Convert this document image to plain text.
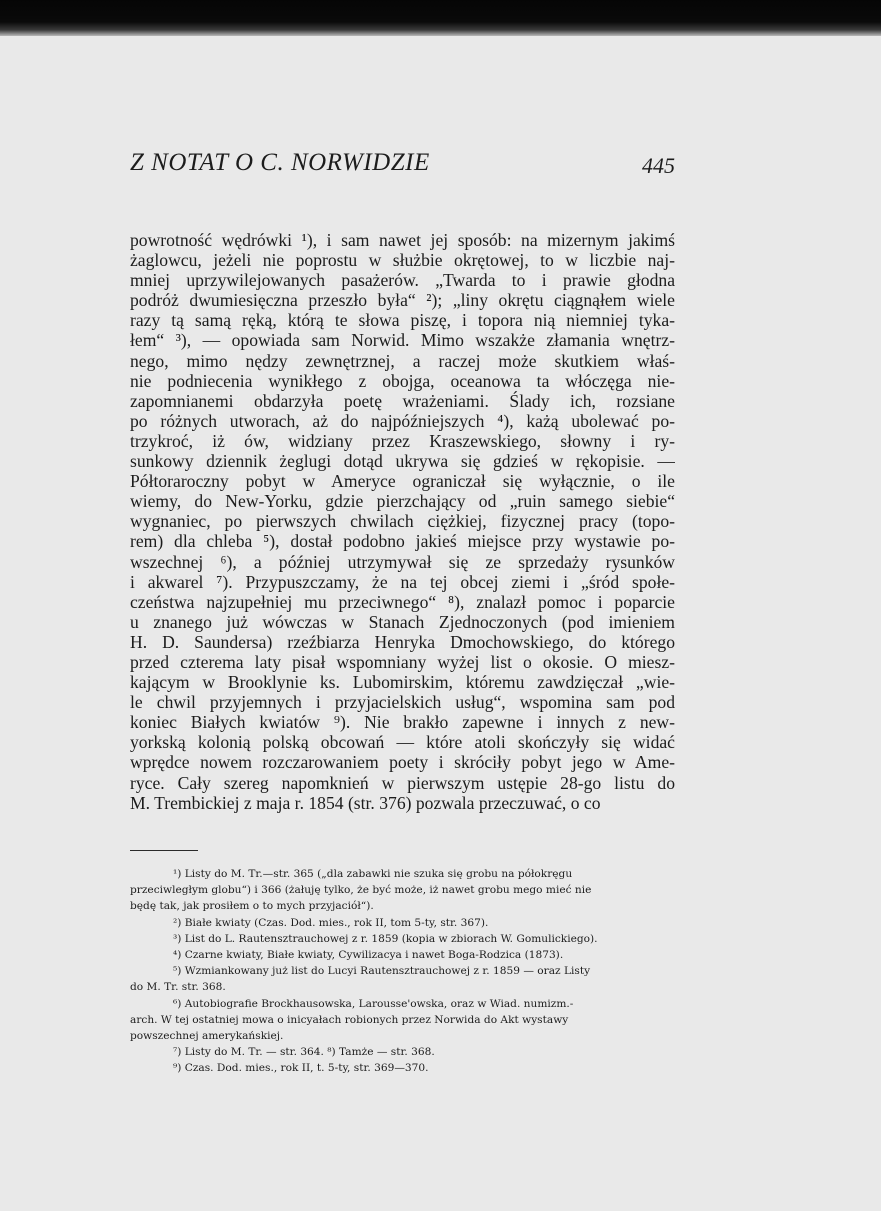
Z NOTAT O C. NORWIDZIE	445
powrotność wędrówki ¹), i sam nawet jej sposób: na mizernym jakimś
żaglowcu, jeżeli nie poprostu w służbie okrętowej, to w liczbie naj-
mniej uprzywilejowanych pasażerów. „Twarda to i prawie głodna
podróż dwumiesięczna przeszło była“ ²); „liny okrętu ciągnąłem wiele
razy tą samą ręką, którą te słowa piszę, i topora nią niemniej tyka-
łem“ ³), — opowiada sam Norwid. Mimo wszakże złamania wnętrz-
nego, mimo nędzy zewnętrznej, a raczej może skutkiem właś-
nie podniecenia wynikłego z obojga, oceanowa ta włóczęga nie-
zapomnianemi obdarzyła poetę wrażeniami. Ślady ich, rozsiane
po różnych utworach, aż do najpóźniejszych ⁴), każą ubolewać po-
trzykroć, iż ów, widziany przez Kraszewskiego, słowny i ry-
sunkowy dziennik żeglugi dotąd ukrywa się gdzieś w rękopisie. —
Półtoraroczny pobyt w Ameryce ograniczał się wyłącznie, o ile
wiemy, do New-Yorku, gdzie pierzchający od „ruin samego siebie“
wygnaniec, po pierwszych chwilach ciężkiej, fizycznej pracy (topo-
rem) dla chleba ⁵), dostał podobno jakieś miejsce przy wystawie po-
wszechnej ⁶), a później utrzymywał się ze sprzedaży rysunków
i akwarel ⁷). Przypuszczamy, że na tej obcej ziemi i „śród społe-
czeństwa najzupełniej mu przeciwnego“ ⁸), znalazł pomoc i poparcie
u znanego już wówczas w Stanach Zjednoczonych (pod imieniem
H. D. Saundersa) rzeźbiarza Henryka Dmochowskiego, do którego
przed czterema laty pisał wspomniany wyżej list o okosie. O miesz-
kającym w Brooklynie ks. Lubomirskim, któremu zawdzięczał „wie-
le chwil przyjemnych i przyjacielskich usług“, wspomina sam pod
koniec Białych kwiatów ⁹). Nie brakło zapewne i innych z new-
yorkską kolonią polską obcowań — które atoli skończyły się widać
wprędce nowem rozczarowaniem poety i skróciły pobyt jego w Ame-
ryce. Cały szereg napomknień w pierwszym ustępie 28-go listu do
M. Trembickiej z maja r. 1854 (str. 376) pozwala przeczuwać, o co
¹) Listy do M. Tr.—str. 365 („dla zabawki nie szuka się grobu na półokręgu
przeciwległym globu“) i 366 (żałuję tylko, że być może, iż nawet grobu mego mieć nie
będę tak, jak prosiłem o to mych przyjaciół“).
²) Białe kwiaty (Czas. Dod. mies., rok II, tom 5-ty, str. 367).
³) List do L. Rautensztrauchowej z r. 1859 (kopia w zbiorach W. Gomulickiego).
⁴) Czarne kwiaty, Białe kwiaty, Cywilizacya i nawet Boga-Rodzica (1873).
⁵) Wzmiankowany już list do Lucyi Rautensztrauchowej z r. 1859 — oraz Listy
do M. Tr. str. 368.
⁶) Autobiografie Brockhausowska, Larousse'owska, oraz w Wiad. numizm.-
arch. W tej ostatniej mowa o inicyałach robionych przez Norwida do Akt wystawy
powszechnej amerykańskiej.
⁷) Listy do M. Tr. — str. 364. ⁸) Tamże — str. 368.
⁹) Czas. Dod. mies., rok II, t. 5-ty, str. 369—370.
